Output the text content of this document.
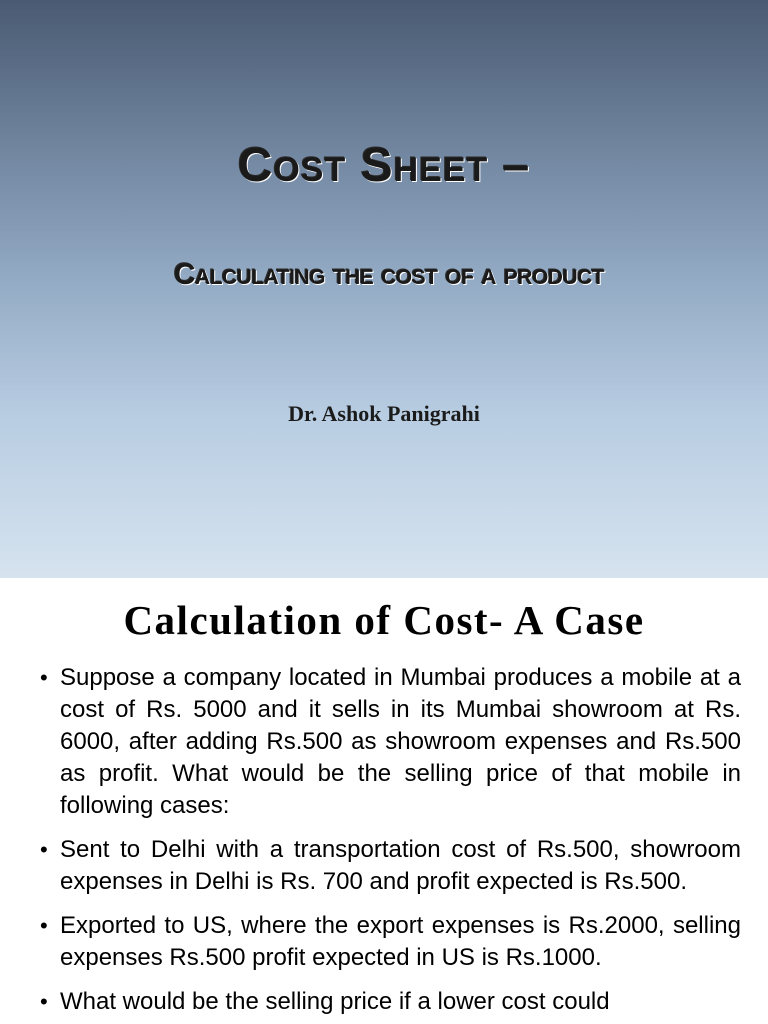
Cost Sheet –
Calculating the cost of a product
Dr. Ashok Panigrahi
Calculation of Cost- A Case
• Suppose a company located in Mumbai produces a mobile at a cost of Rs. 5000 and it sells in its Mumbai showroom at Rs. 6000, after adding Rs.500 as showroom expenses and Rs.500 as profit. What would be the selling price of that mobile in following cases:
• Sent to Delhi with a transportation cost of Rs.500, showroom expenses in Delhi is Rs. 700 and profit expected is Rs.500.
• Exported to US, where the export expenses is Rs.2000, selling expenses Rs.500 profit expected in US is Rs.1000.
• What would be the selling price if a lower cost could
